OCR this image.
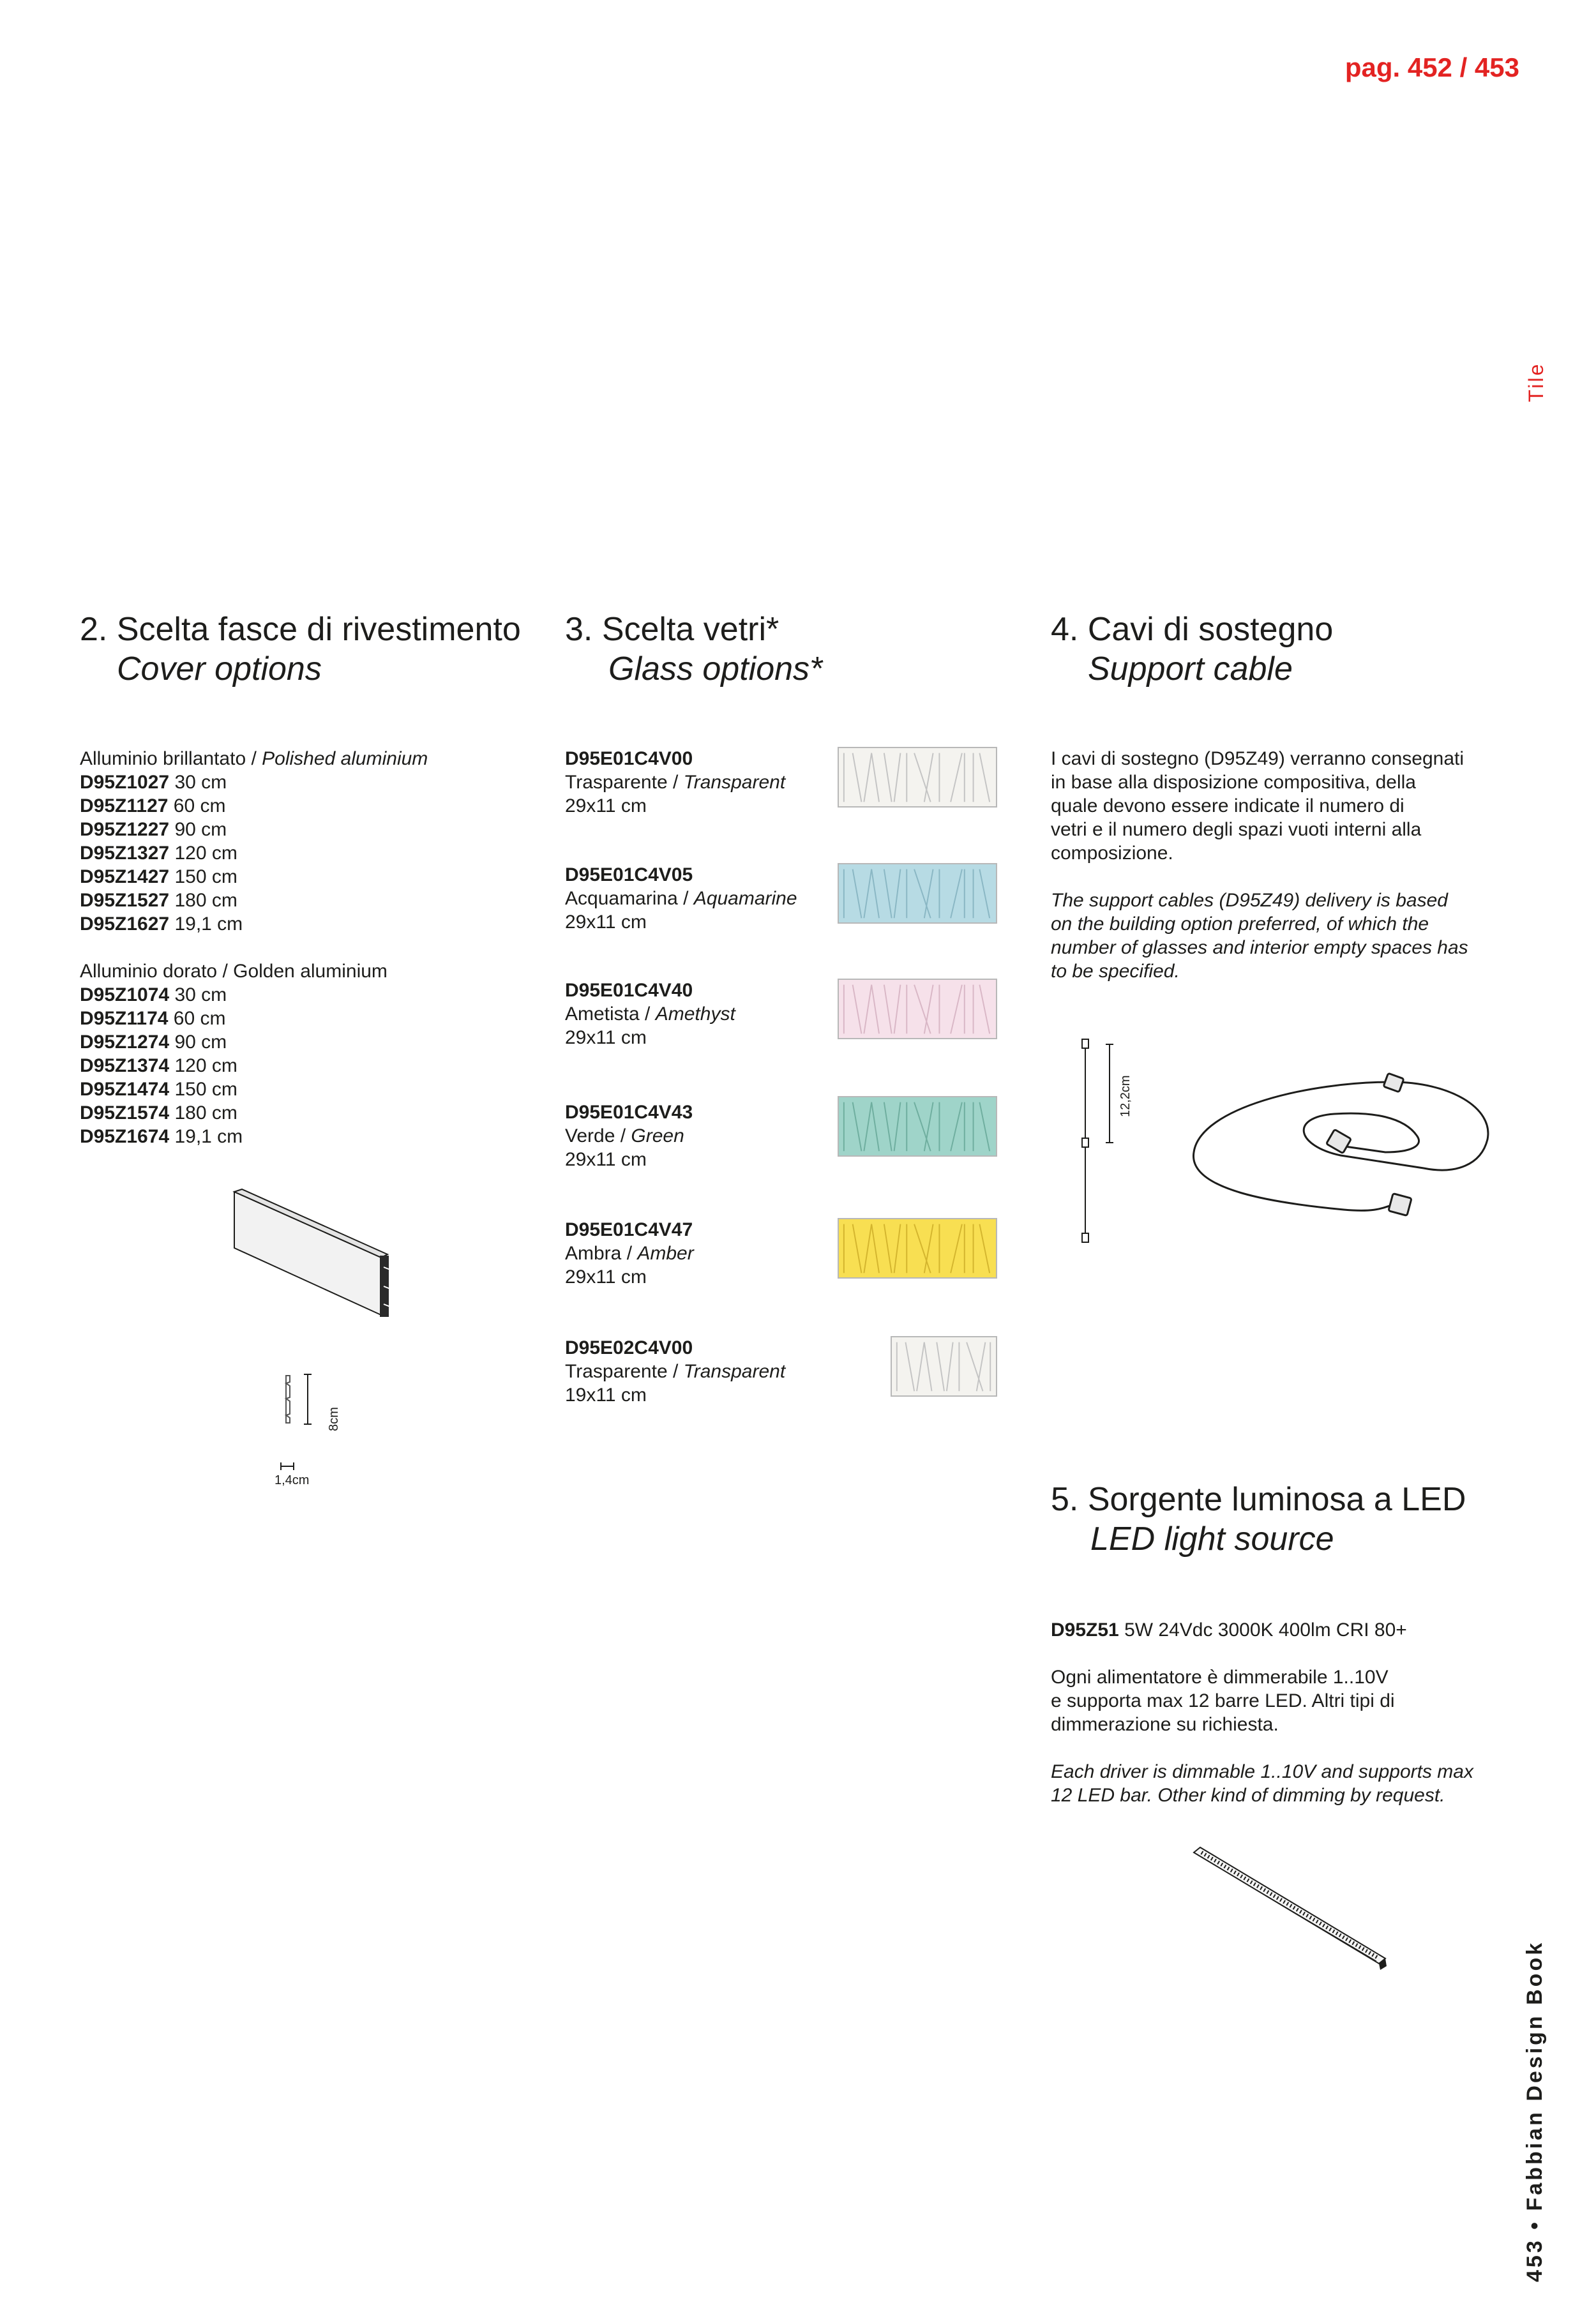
pag. 452 / 453
Tile
453 • Fabbian Design Book
2. Scelta fasce di rivestimento
Cover options
Alluminio brillantato / Polished aluminium
D95Z1027 30 cm
D95Z1127 60 cm
D95Z1227 90 cm
D95Z1327 120 cm
D95Z1427 150 cm
D95Z1527 180 cm
D95Z1627 19,1 cm
Alluminio dorato / Golden aluminium
D95Z1074 30 cm
D95Z1174 60 cm
D95Z1274 90 cm
D95Z1374 120 cm
D95Z1474 150 cm
D95Z1574 180 cm
D95Z1674 19,1 cm
8cm
1,4cm
3. Scelta vetri*
Glass options*
D95E01C4V00
Trasparente / Transparent
29x11 cm
D95E01C4V05
Acquamarina / Aquamarine
29x11 cm
D95E01C4V40
Ametista / Amethyst
29x11 cm
D95E01C4V43
Verde / Green
29x11 cm
D95E01C4V47
Ambra / Amber
29x11 cm
D95E02C4V00
Trasparente / Transparent
19x11 cm
4. Cavi di sostegno
Support cable
I cavi di sostegno (D95Z49) verranno consegnati
in base alla disposizione compositiva, della
quale devono essere indicate il numero di
vetri e il numero degli spazi vuoti interni alla
composizione.
The support cables (D95Z49) delivery is based
on the building option preferred, of which the
number of glasses and interior empty spaces has
to be specified.
12,2cm
5. Sorgente luminosa a LED
LED light source
D95Z51 5W 24Vdc 3000K 400lm CRI 80+
Ogni alimentatore è dimmerabile 1..10V
e supporta max 12 barre LED. Altri tipi di
dimmerazione su richiesta.
Each driver is dimmable 1..10V and supports max
12 LED bar. Other kind of dimming by request.
